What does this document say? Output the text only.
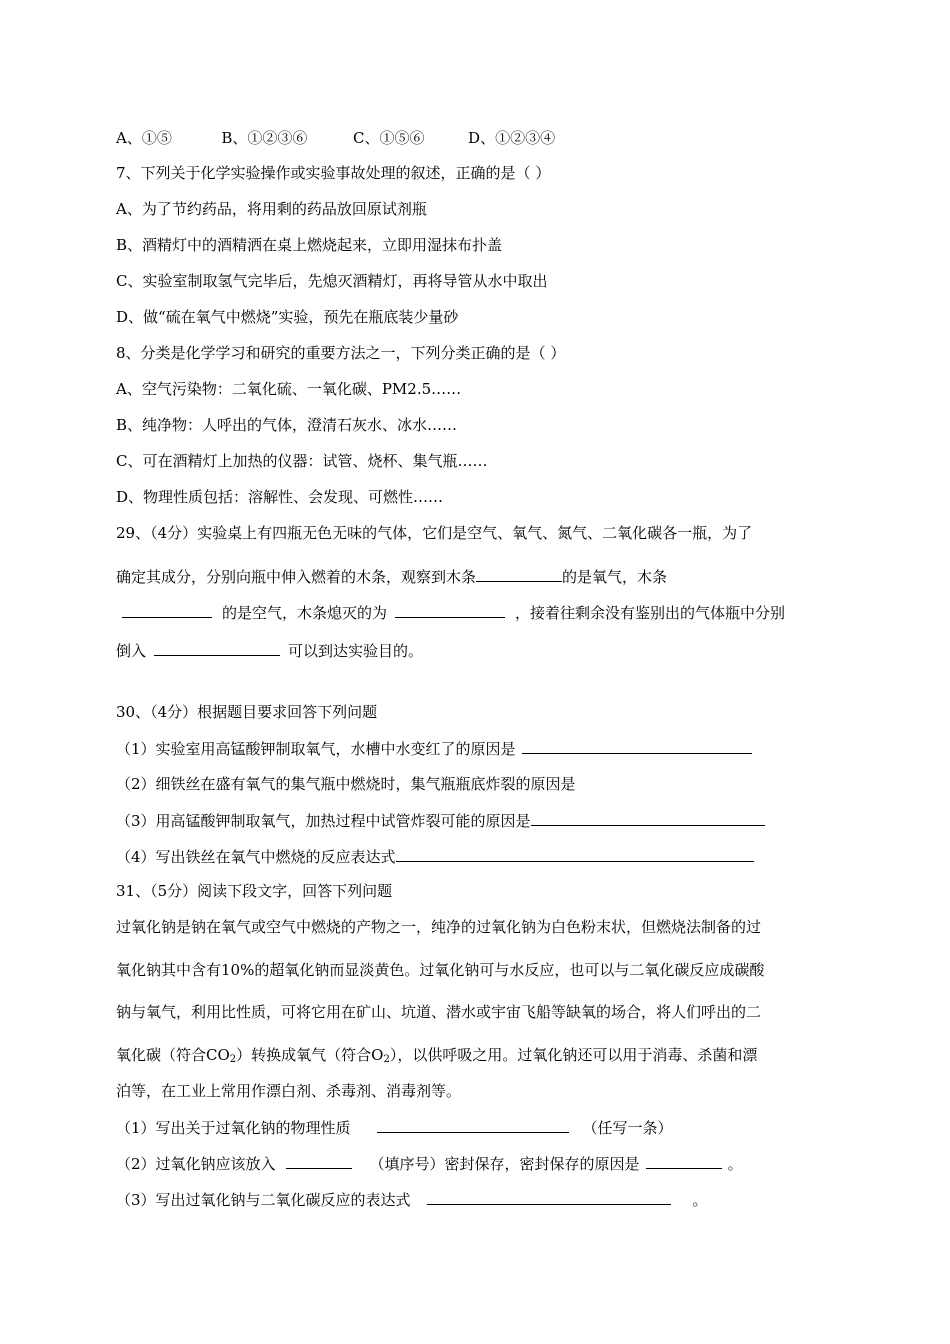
A、①⑤	B、①②③⑥	C、①⑤⑥	D、①②③④
7、下列关于化学实验操作或实验事故处理的叙述，正确的是（ ）
A、为了节约药品，将用剩的药品放回原试剂瓶
B、酒精灯中的酒精洒在桌上燃烧起来，立即用湿抹布扑盖
C、实验室制取氢气完毕后，先熄灭酒精灯，再将导管从水中取出
D、做“硫在氧气中燃烧”实验，预先在瓶底装少量砂
8、分类是化学学习和研究的重要方法之一，下列分类正确的是（ ）
A、空气污染物：二氧化硫、一氧化碳、PM2.5……
B、纯净物：人呼出的气体，澄清石灰水、冰水……
C、可在酒精灯上加热的仪器：试管、烧杯、集气瓶……
D、物理性质包括：溶解性、会发现、可燃性……
29、（4分）实验桌上有四瓶无色无味的气体，它们是空气、氧气、氮气、二氧化碳各一瓶，为了
确定其成分，分别向瓶中伸入燃着的木条，观察到木条	的是氧气，木条
的是空气，木条熄灭的为	，接着往剩余没有鉴别出的气体瓶中分别
倒入	可以到达实验目的。
30、（4分）根据题目要求回答下列问题
（1）实验室用高锰酸钾制取氧气，水槽中水变红了的原因是
（2）细铁丝在盛有氧气的集气瓶中燃烧时，集气瓶瓶底炸裂的原因是
（3）用高锰酸钾制取氧气，加热过程中试管炸裂可能的原因是
（4）写出铁丝在氧气中燃烧的反应表达式
31、（5分）阅读下段文字，回答下列问题
过氧化钠是钠在氧气或空气中燃烧的产物之一，纯净的过氧化钠为白色粉末状，但燃烧法制备的过
氧化钠其中含有10%的超氧化钠而显淡黄色。过氧化钠可与水反应，也可以与二氧化碳反应成碳酸
钠与氧气，利用比性质，可将它用在矿山、坑道、潜水或宇宙飞船等缺氧的场合，将人们呼出的二
氧化碳（符合$CO_2$）转换成氧气（符合$O_2$），以供呼吸之用。过氧化钠还可以用于消毒、杀菌和漂
泊等，在工业上常用作漂白剂、杀毒剂、消毒剂等。
（1）写出关于过氧化钠的物理性质	（任写一条）
（2）过氧化钠应该放入	（填序号）密封保存，密封保存的原因是	。
（3）写出过氧化钠与二氧化碳反应的表达式	。
